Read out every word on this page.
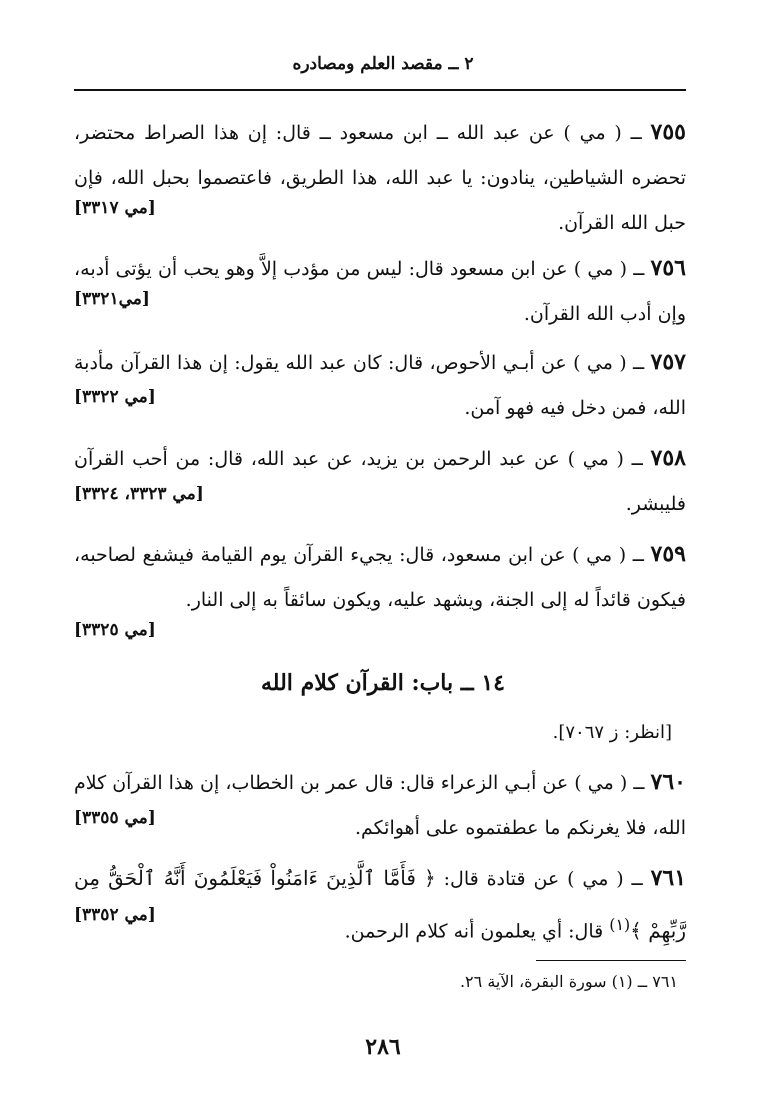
٢ ــ مقصد العلم ومصادره

٧٥٥ ــ ( مي ) عن عبد الله ــ ابن مسعود ــ قال: إن هذا الصراط محتضر، تحضره الشياطين، ينادون: يا عبد الله، هذا الطريق، فاعتصموا بحبل الله، فإن حبل الله القرآن.

[مي ٣٣١٧]

٧٥٦ ــ ( مي ) عن ابن مسعود قال: ليس من مؤدب إلاَّ وهو يحب أن يؤتى أدبه، وإن أدب الله القرآن.

[مي٣٣٢١]

٧٥٧ ــ ( مي ) عن أبـي الأحوص، قال: كان عبد الله يقول: إن هذا القرآن مأدبة الله، فمن دخل فيه فهو آمن.

[مي ٣٣٢٢]

٧٥٨ ــ ( مي ) عن عبد الرحمن بن يزيد، عن عبد الله، قال: من أحب القرآن فليبشر.

[مي ٣٣٢٣، ٣٣٢٤]

٧٥٩ ــ ( مي ) عن ابن مسعود، قال: يجيء القرآن يوم القيامة فيشفع لصاحبه، فيكون قائداً له إلى الجنة، ويشهد عليه، ويكون سائقاً به إلى النار.

[مي ٣٣٢٥]
١٤ ــ باب: القرآن كلام الله
[انظر: ز ٧٠٦٧].

٧٦٠ ــ ( مي ) عن أبـي الزعراء قال: قال عمر بن الخطاب، إن هذا القرآن كلام الله، فلا يغرنكم ما عطفتموه على أهوائكم.

[مي ٣٣٥٥]

٧٦١ ــ ( مي ) عن قتادة قال: ﴿ فَأَمَّا ٱلَّذِينَ ءَامَنُواْ فَيَعْلَمُونَ أَنَّهُ ٱلْحَقُّ مِن رَّبِّهِمْ ﴾$^{(١)}$ قال: أي يعلمون أنه كلام الرحمن.

[مي ٣٣٥٢]
٧٦١ ــ (١) سورة البقرة، الآية ٢٦.
٢٨٦
